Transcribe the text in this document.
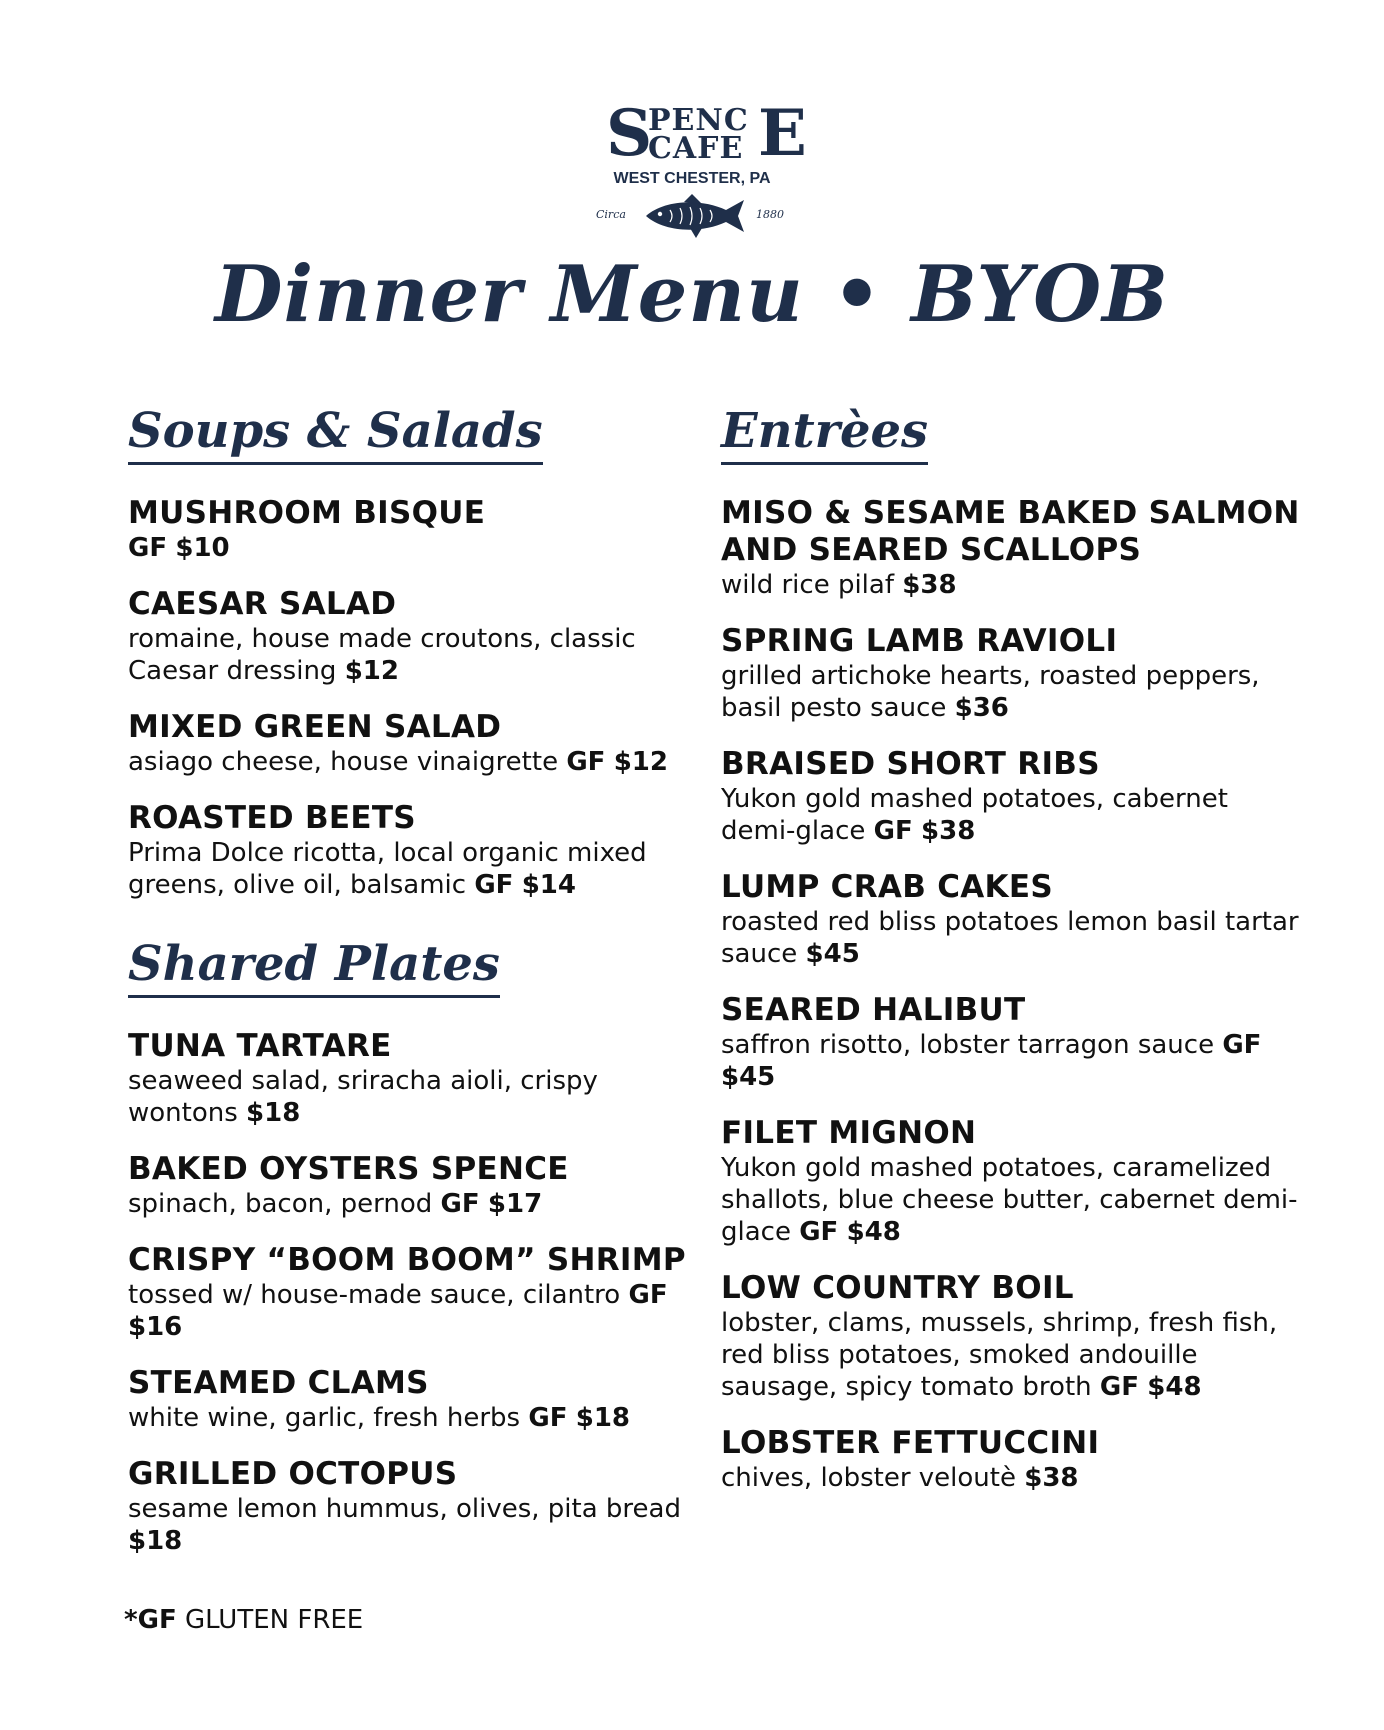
S
PENC E
CAFE
WEST CHESTER, PA
Circa	1880
Dinner Menu • BYOB
Soups & Salads
MUSHROOM BISQUE
GF $10
CAESAR SALAD
romaine, house made croutons, classic Caesar dressing $12
MIXED GREEN SALAD
asiago cheese, house vinaigrette GF $12
ROASTED BEETS
Prima Dolce ricotta, local organic mixed greens, olive oil, balsamic GF $14
Shared Plates
TUNA TARTARE
seaweed salad, sriracha aioli, crispy wontons $18
BAKED OYSTERS SPENCE
spinach, bacon, pernod GF $17
CRISPY “BOOM BOOM” SHRIMP
tossed w/ house-made sauce, cilantro GF $16
STEAMED CLAMS
white wine, garlic, fresh herbs GF $18
GRILLED OCTOPUS
sesame lemon hummus, olives, pita bread $18
Entrèes
MISO & SESAME BAKED SALMON AND SEARED SCALLOPS
wild rice pilaf $38
SPRING LAMB RAVIOLI
grilled artichoke hearts, roasted peppers, basil pesto sauce $36
BRAISED SHORT RIBS
Yukon gold mashed potatoes, cabernet demi-glace GF $38
LUMP CRAB CAKES
roasted red bliss potatoes lemon basil tartar sauce $45
SEARED HALIBUT
saffron risotto, lobster tarragon sauce GF $45
FILET MIGNON
Yukon gold mashed potatoes, caramelized shallots, blue cheese butter, cabernet demi-glace GF $48
LOW COUNTRY BOIL
lobster, clams, mussels, shrimp, fresh fish, red bliss potatoes, smoked andouille sausage, spicy tomato broth GF $48
LOBSTER FETTUCCINI
chives, lobster veloutè $38
*GF GLUTEN FREE
